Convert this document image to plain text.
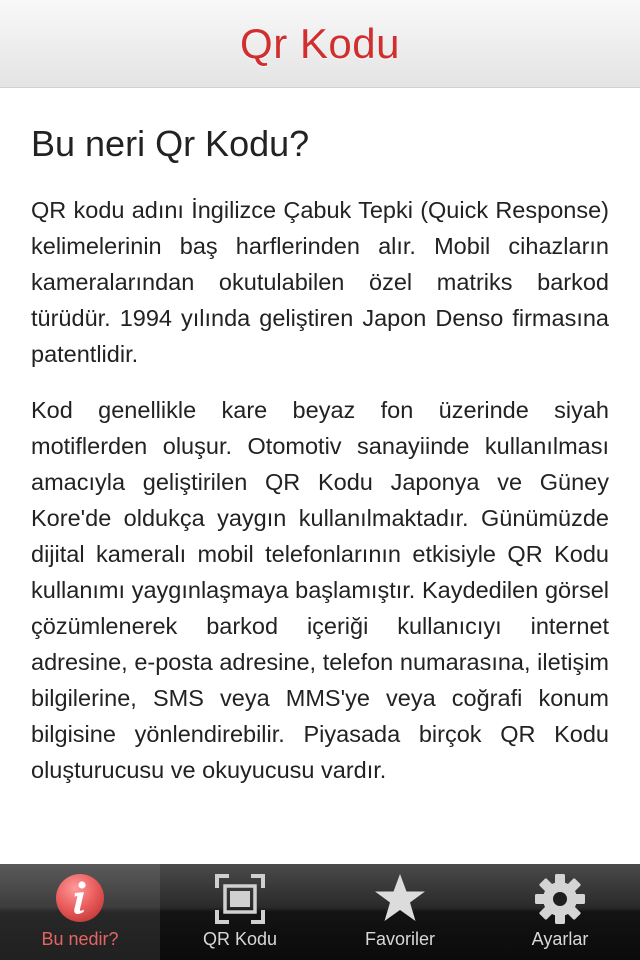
Qr Kodu
Bu neri Qr Kodu?

QR kodu adını İngilizce Çabuk Tepki (Quick Response) kelimelerinin baş harflerinden alır. Mobil cihazların kameralarından okutulabilen özel matriks barkod türüdür. 1994 yılında geliştiren Japon Denso firmasına patentlidir.

Kod genellikle kare beyaz fon üzerinde siyah motiflerden oluşur. Otomotiv sanayiinde kullanılması amacıyla geliştirilen QR Kodu Japonya ve Güney Kore'de oldukça yaygın kullanılmaktadır. Günümüzde dijital kameralı mobil telefonlarının etkisiyle QR Kodu kullanımı yaygınlaşmaya başlamıştır. Kaydedilen görsel çözümlenerek barkod içeriği kullanıcıyı internet adresine, e-posta adresine, telefon numarasına, iletişim bilgilerine, SMS veya MMS'ye veya coğrafi konum bilgisine yönlendirebilir. Piyasada birçok QR Kodu oluşturucusu ve okuyucusu vardır.

Bu nedir?	QR Kodu	Favoriler	Ayarlar
